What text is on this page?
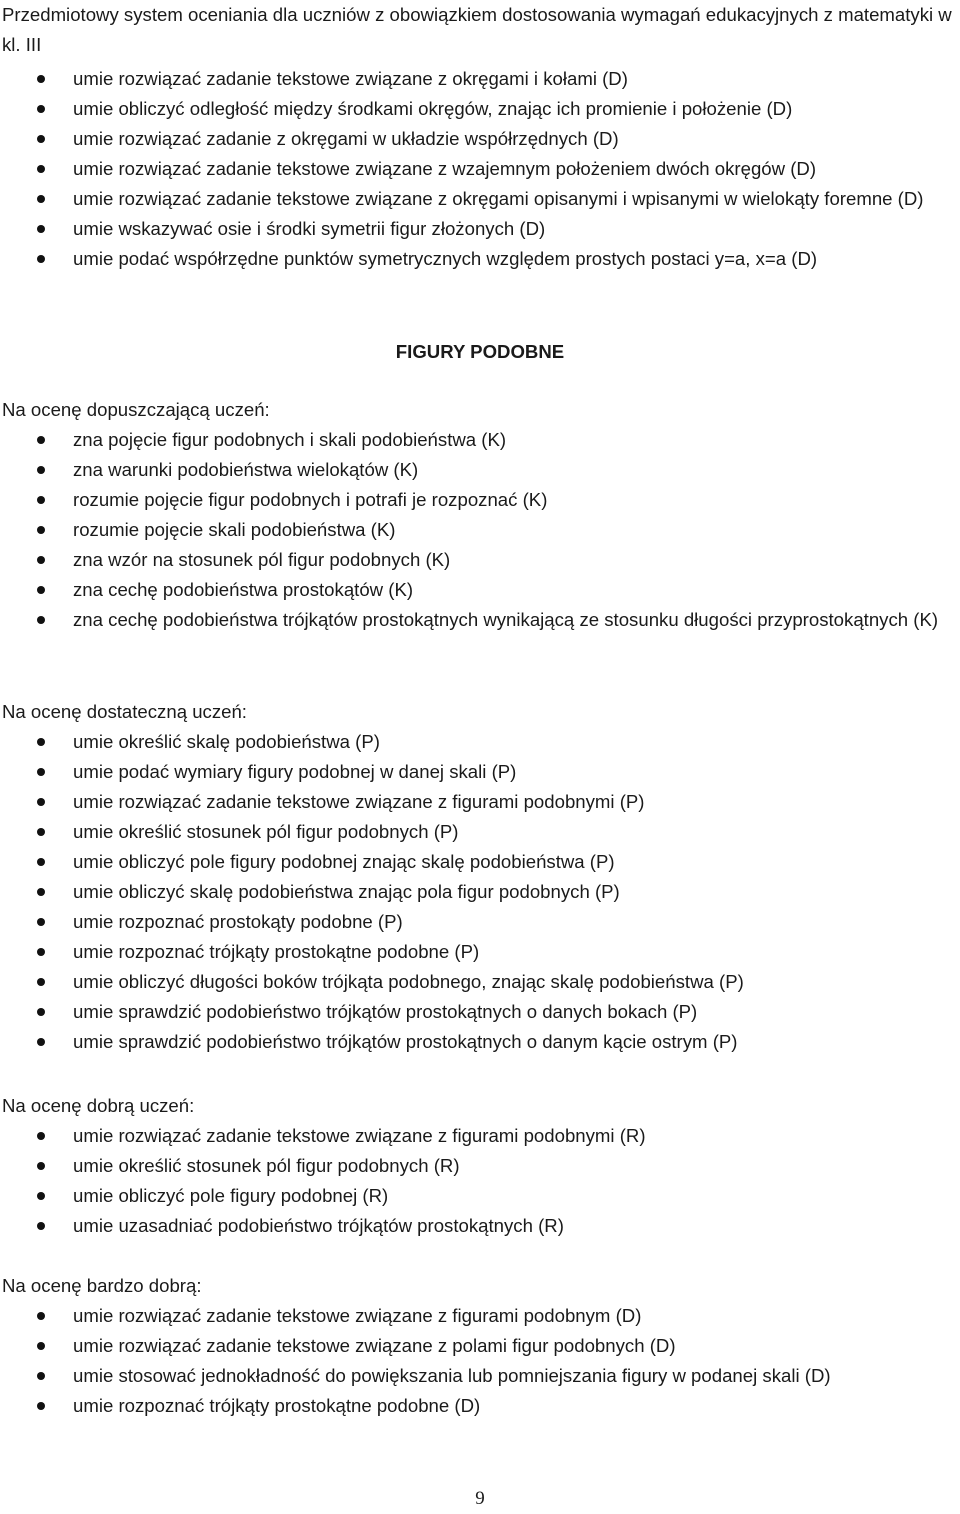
Przedmiotowy system oceniania dla uczniów z obowiązkiem dostosowania wymagań edukacyjnych z matematyki w kl. III
umie rozwiązać zadanie tekstowe związane z okręgami i kołami (D)
umie obliczyć odległość między środkami okręgów, znając ich promienie i położenie (D)
umie rozwiązać zadanie z okręgami w układzie współrzędnych (D)
umie rozwiązać zadanie tekstowe związane z wzajemnym położeniem dwóch okręgów (D)
umie rozwiązać zadanie tekstowe związane z okręgami opisanymi i wpisanymi w wielokąty foremne (D)
umie wskazywać osie i środki symetrii figur złożonych (D)
umie podać współrzędne punktów symetrycznych względem prostych postaci y=a, x=a (D)
FIGURY PODOBNE
Na ocenę dopuszczającą uczeń:
zna pojęcie figur podobnych i skali podobieństwa (K)
zna warunki podobieństwa wielokątów (K)
rozumie pojęcie figur podobnych i potrafi je rozpoznać (K)
rozumie pojęcie skali podobieństwa (K)
zna wzór na stosunek pól figur podobnych (K)
zna cechę podobieństwa prostokątów (K)
zna cechę podobieństwa trójkątów prostokątnych wynikającą ze stosunku długości przyprostokątnych (K)
Na ocenę dostateczną uczeń:
umie określić skalę podobieństwa (P)
umie podać wymiary figury podobnej w danej skali (P)
umie rozwiązać zadanie tekstowe związane z figurami podobnymi (P)
umie określić stosunek pól figur podobnych (P)
umie obliczyć pole figury podobnej znając skalę podobieństwa (P)
umie obliczyć skalę podobieństwa znając pola figur podobnych (P)
umie rozpoznać prostokąty podobne (P)
umie rozpoznać trójkąty prostokątne podobne (P)
umie obliczyć długości boków trójkąta podobnego, znając skalę podobieństwa (P)
umie sprawdzić podobieństwo trójkątów prostokątnych o danych bokach (P)
umie sprawdzić podobieństwo trójkątów prostokątnych o danym kącie ostrym (P)
Na ocenę dobrą uczeń:
umie rozwiązać zadanie tekstowe związane z figurami podobnymi (R)
umie określić stosunek pól figur podobnych (R)
umie obliczyć pole figury podobnej (R)
umie uzasadniać podobieństwo trójkątów prostokątnych (R)
Na ocenę bardzo dobrą:
umie rozwiązać zadanie tekstowe związane z figurami podobnym (D)
umie rozwiązać zadanie tekstowe związane z polami figur podobnych (D)
umie stosować jednokładność do powiększania lub pomniejszania figury w podanej skali (D)
umie rozpoznać trójkąty prostokątne podobne (D)
9
